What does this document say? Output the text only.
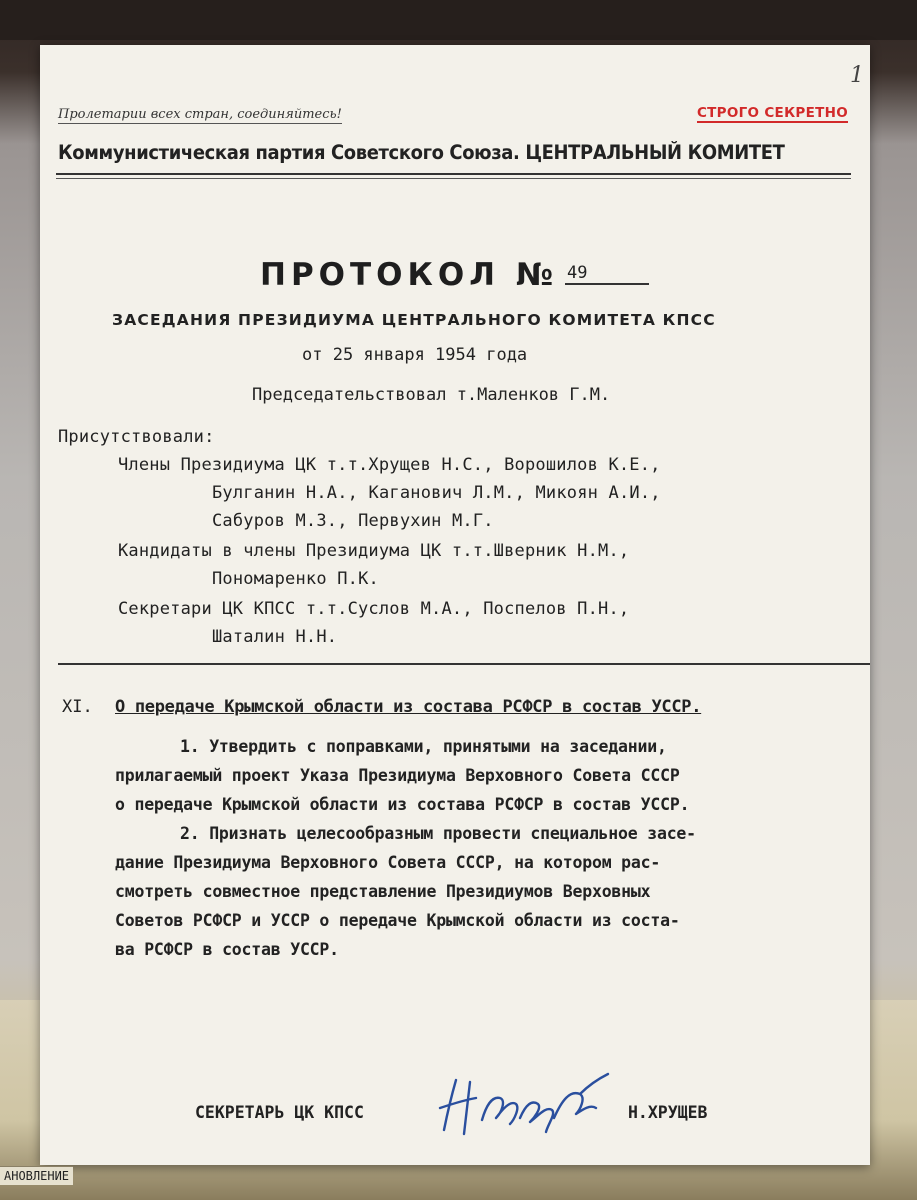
1
Пролетарии всех стран, соединяйтесь!	СТРОГО СЕКРЕТНО
Коммунистическая партия Советского Союза. ЦЕНТРАЛЬНЫЙ КОМИТЕТ
ПРОТОКОЛ № 49
ЗАСЕДАНИЯ ПРЕЗИДИУМА ЦЕНТРАЛЬНОГО КОМИТЕТА КПСС
от 25 января 1954 года
Председательствовал т.Маленков Г.М.
Присутствовали:
Члены Президиума ЦК т.т.Хрущев Н.С., Ворошилов К.Е.,
Булганин Н.А., Каганович Л.М., Микоян А.И.,
Сабуров М.З., Первухин М.Г.
Кандидаты в члены Президиума ЦК т.т.Шверник Н.М.,
Пономаренко П.К.
Секретари ЦК КПСС т.т.Суслов М.А., Поспелов П.Н.,
Шаталин Н.Н.
XI. О передаче Крымской области из состава РСФСР в состав УССР.
1. Утвердить с поправками, принятыми на заседании,
прилагаемый проект Указа Президиума Верховного Совета СССР
о передаче Крымской области из состава РСФСР в состав УССР.
2. Признать целесообразным провести специальное засе-
дание Президиума Верховного Совета СССР, на котором рас-
смотреть совместное представление Президиумов Верховных
Советов РСФСР и УССР о передаче Крымской области из соста-
ва РСФСР в состав УССР.
СЕКРЕТАРЬ ЦК КПСС	Н.ХРУЩЕВ
АНОВЛЕНИЕ
